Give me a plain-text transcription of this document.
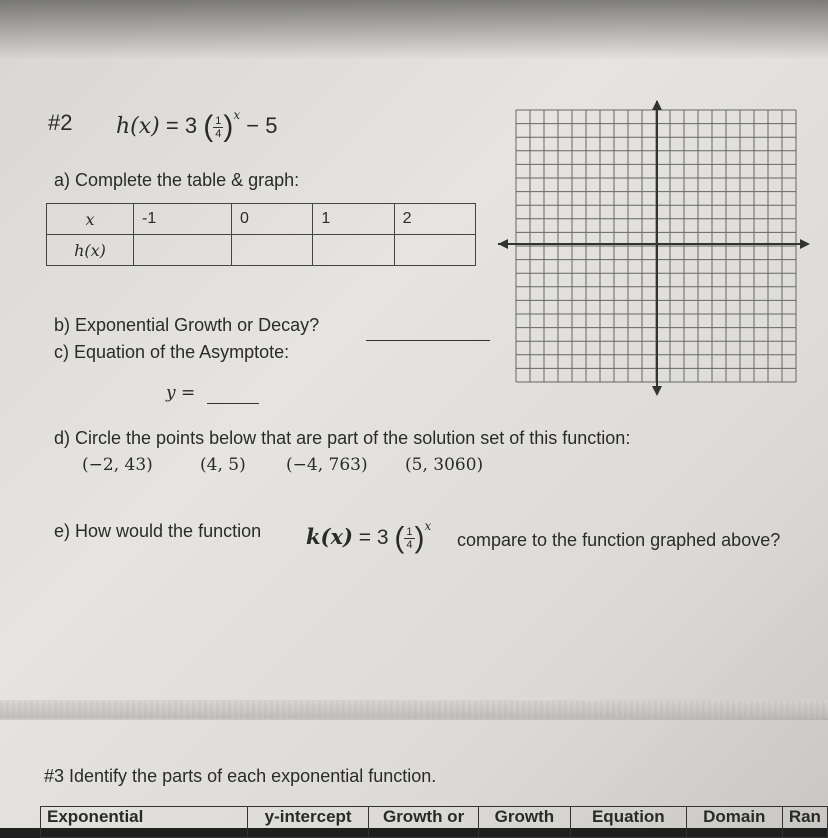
#2 h(x) = 3 ( $\frac{1}{4} )^x - 5$
a) Complete the table & graph:
x	-1	0	1	2
h(x)				
b) Exponential Growth or Decay?
c) Equation of the Asymptote:
y =
d) Circle the points below that are part of the solution set of this function:
(−2, 43)	(4, 5) (−4, 763) (5, 3060)
e) How would the function k(x) = 3 ( $\frac{1}{4} )^x$
compare to the function graphed above?
#3 Identify the parts of each exponential function.
Exponential	y-intercept	Growth or	Growth	Equation	Domain	Ran
